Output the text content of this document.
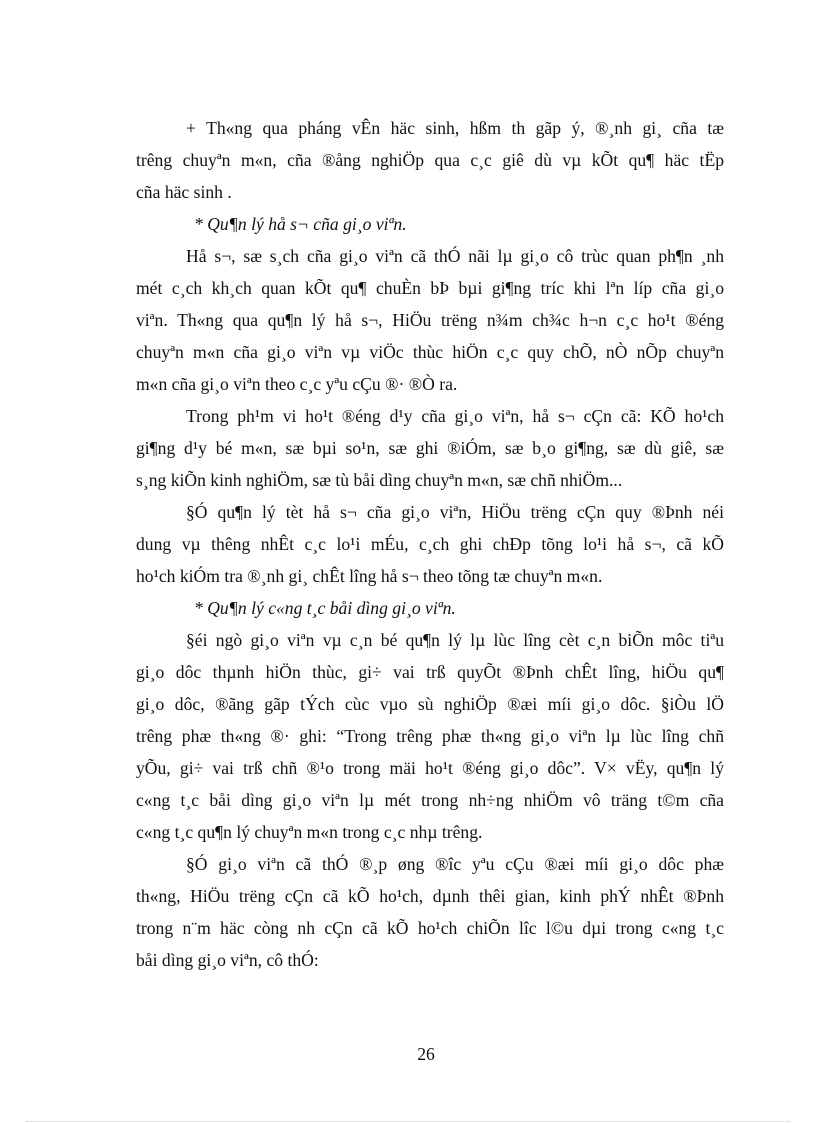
+ Th«ng qua pháng vÊn häc sinh, hßm th gãp ý, ®¸nh gi¸ cña tæ
trêng chuyªn m«n, cña ®ång nghiÖp qua c¸c giê dù vµ kÕt qu¶ häc tËp
cña häc sinh .
* Qu¶n lý hå s¬ cña gi¸o viªn.
Hå s¬, sæ s¸ch cña gi¸o viªn cã thÓ nãi lµ gi¸o cô trùc quan ph¶n ¸nh
mét c¸ch kh¸ch quan kÕt qu¶ chuÈn bÞ bµi gi¶ng tríc khi lªn líp cña gi¸o
viªn. Th«ng qua qu¶n lý hå s¬, HiÖu trëng n¾m ch¾c h¬n c¸c ho¹t ®éng
chuyªn m«n cña gi¸o viªn vµ viÖc thùc hiÖn c¸c quy chÕ, nÒ nÕp chuyªn
m«n cña gi¸o viªn theo c¸c yªu cÇu ®· ®Ò ra.
Trong ph¹m vi ho¹t ®éng d¹y cña gi¸o viªn, hå s¬ cÇn cã: KÕ ho¹ch
gi¶ng d¹y bé m«n, sæ bµi so¹n, sæ ghi ®iÓm, sæ b¸o gi¶ng, sæ dù giê, sæ
s¸ng kiÕn kinh nghiÖm, sæ tù båi dìng chuyªn m«n, sæ chñ nhiÖm...
§Ó qu¶n lý tèt hå s¬ cña gi¸o viªn, HiÖu trëng cÇn quy ®Þnh néi
dung vµ thêng nhÊt c¸c lo¹i mÉu, c¸ch ghi chÐp tõng lo¹i hå s¬, cã kÕ
ho¹ch kiÓm tra ®¸nh gi¸ chÊt lîng hå s¬ theo tõng tæ chuyªn m«n.
* Qu¶n lý c«ng t¸c båi dìng gi¸o viªn.
§éi ngò gi¸o viªn vµ c¸n bé qu¶n lý lµ lùc lîng cèt c¸n biÕn môc tiªu
gi¸o dôc thµnh hiÖn thùc, gi÷ vai trß quyÕt ®Þnh chÊt lîng, hiÖu qu¶
gi¸o dôc, ®ãng gãp tÝch cùc vµo sù nghiÖp ®æi míi gi¸o dôc. §iÒu lÖ
trêng phæ th«ng ®· ghi: “Trong trêng phæ th«ng gi¸o viªn lµ lùc lîng chñ
yÕu, gi÷ vai trß chñ ®¹o trong mäi ho¹t ®éng gi¸o dôc”. V× vËy, qu¶n lý
c«ng t¸c båi dìng gi¸o viªn lµ mét trong nh÷ng nhiÖm vô träng t©m cña
c«ng t¸c qu¶n lý chuyªn m«n trong c¸c nhµ trêng.
§Ó gi¸o viªn cã thÓ ®¸p øng ®îc yªu cÇu ®æi míi gi¸o dôc phæ
th«ng, HiÖu trëng cÇn cã kÕ ho¹ch, dµnh thêi gian, kinh phÝ nhÊt ®Þnh
trong n¨m häc còng nh cÇn cã kÕ ho¹ch chiÕn lîc l©u dµi trong c«ng t¸c
båi dìng gi¸o viªn, cô thÓ:
26
